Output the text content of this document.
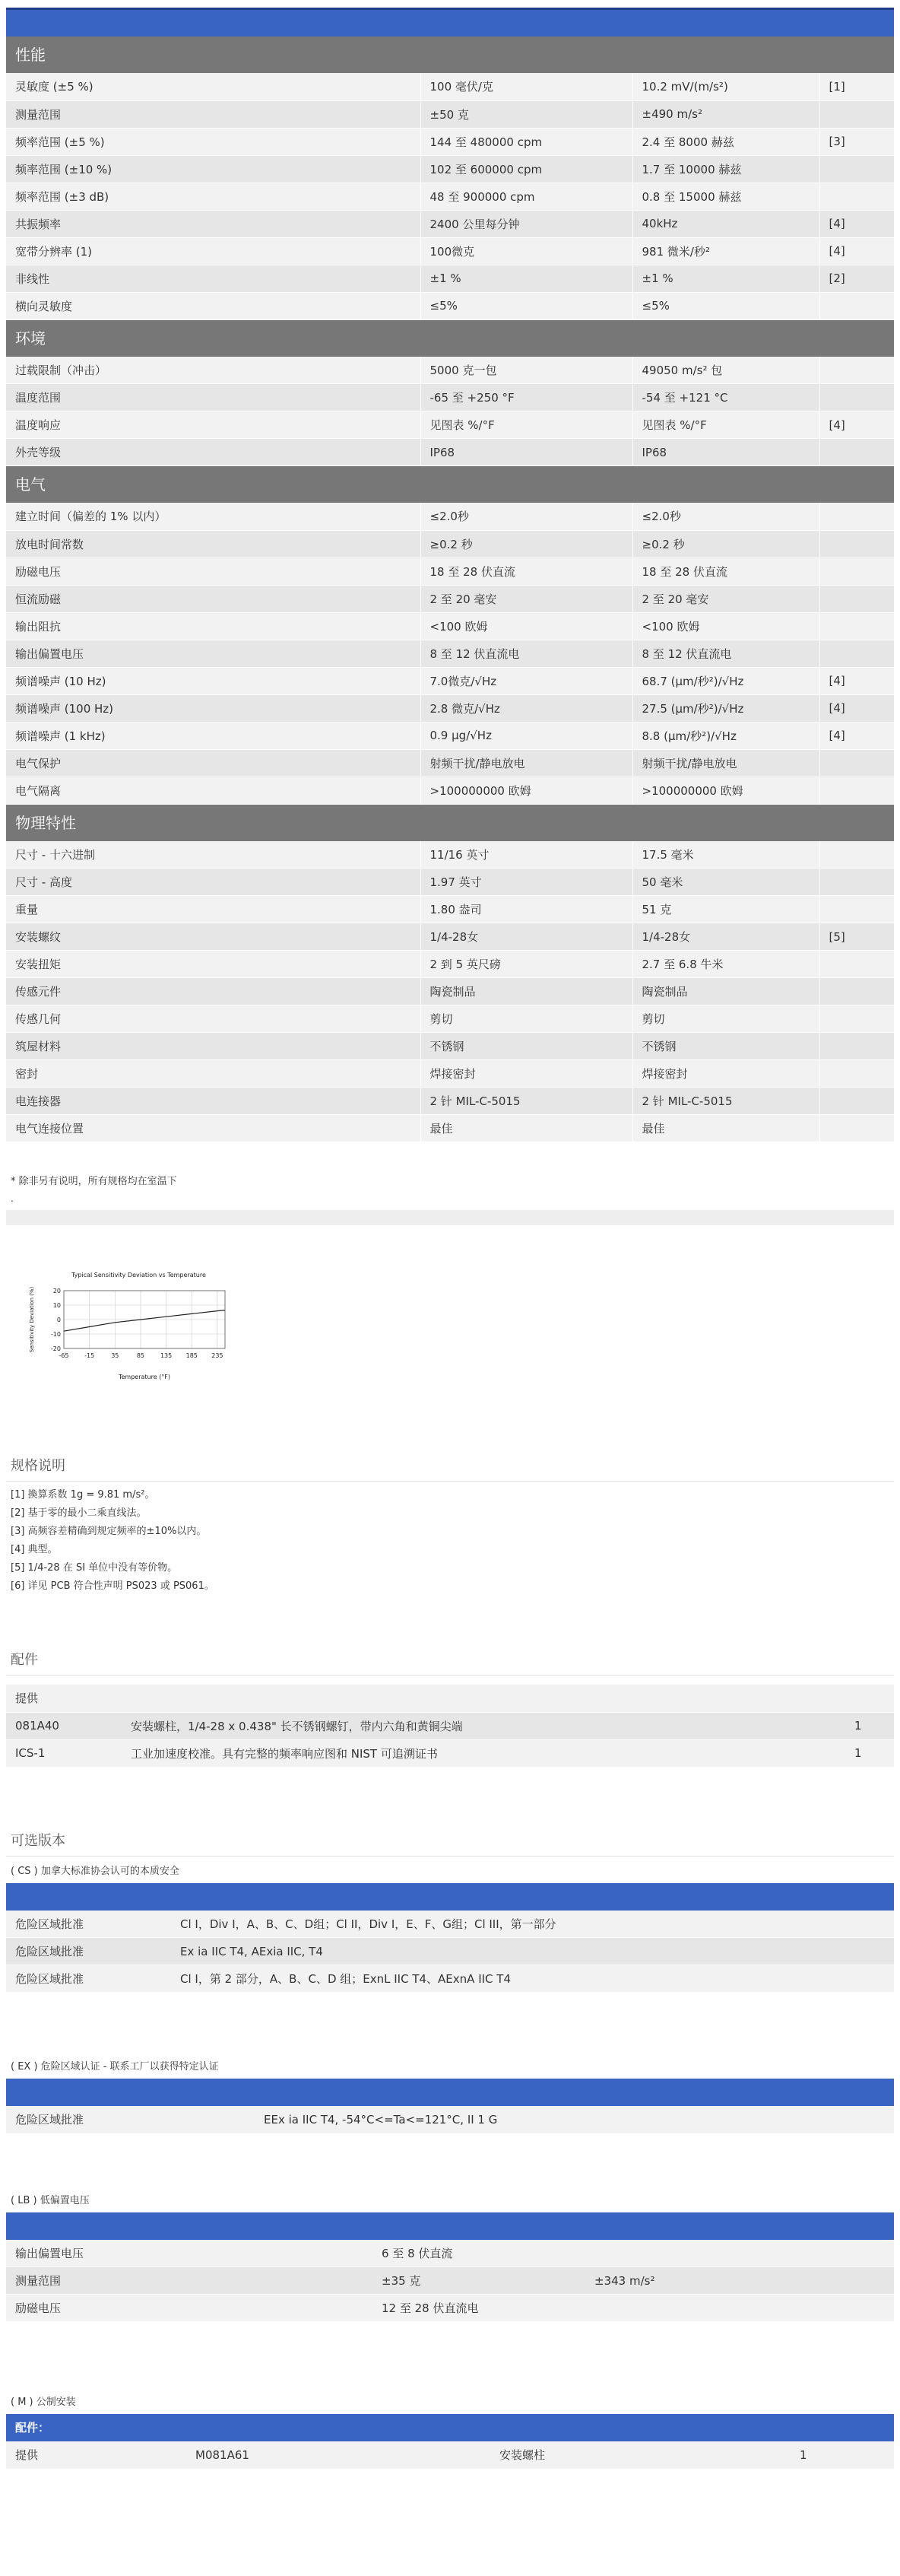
性能
灵敏度 (±5 %)	100 毫伏/克	10.2 mV/(m/s²)	[1]
测量范围	±50 克	±490 m/s²	
频率范围 (±5 %)	144 至 480000 cpm	2.4 至 8000 赫兹	[3]
频率范围 (±10 %)	102 至 600000 cpm	1.7 至 10000 赫兹	
频率范围 (±3 dB)	48 至 900000 cpm	0.8 至 15000 赫兹	
共振频率	2400 公里每分钟	40kHz	[4]
宽带分辨率 (1)	100微克	981 微米/秒²	[4]
非线性	±1 %	±1 %	[2]
横向灵敏度	≤5%	≤5%	
环境
过载限制（冲击）	5000 克一包	49050 m/s² 包	
温度范围	-65 至 +250 °F	-54 至 +121 °C	
温度响应	见图表 %/°F	见图表 %/°F	[4]
外壳等级	IP68	IP68	
电气
建立时间（偏差的 1% 以内）	≤2.0秒	≤2.0秒	
放电时间常数	≥0.2 秒	≥0.2 秒	
励磁电压	18 至 28 伏直流	18 至 28 伏直流	
恒流励磁	2 至 20 毫安	2 至 20 毫安	
输出阻抗	<100 欧姆	<100 欧姆	
输出偏置电压	8 至 12 伏直流电	8 至 12 伏直流电	
频谱噪声 (10 Hz)	7.0微克/√Hz	68.7 (μm/秒²)/√Hz	[4]
频谱噪声 (100 Hz)	2.8 微克/√Hz	27.5 (μm/秒²)/√Hz	[4]
频谱噪声 (1 kHz)	0.9 μg/√Hz	8.8 (μm/秒²)/√Hz	[4]
电气保护	射频干扰/静电放电	射频干扰/静电放电	
电气隔离	>100000000 欧姆	>100000000 欧姆	
物理特性
尺寸 - 十六进制	11/16 英寸	17.5 毫米	
尺寸 - 高度	1.97 英寸	50 毫米	
重量	1.80 盎司	51 克	
安装螺纹	1/4-28女	1/4-28女	[5]
安装扭矩	2 到 5 英尺磅	2.7 至 6.8 牛米	
传感元件	陶瓷制品	陶瓷制品	
传感几何	剪切	剪切	
筑屋材料	不锈钢	不锈钢	
密封	焊接密封	焊接密封	
电连接器	2 针 MIL-C-5015	2 针 MIL-C-5015	
电气连接位置	最佳	最佳	
* 除非另有说明，所有规格均在室温下
.
Typical Sensitivity Deviation vs Temperature
Temperature (°F)
Sensitivity Deviation (%)	20
10
0
-10
-20
-65	-15	35	85	135 185 235
规格说明
[1] 換算系数 1g = 9.81 m/s²。
[2] 基于零的最小二乘直线法。
[3] 高频容差精确到规定频率的±10%以内。
[4] 典型。
[5] 1/4-28 在 SI 单位中没有等价物。
[6] 详见 PCB 符合性声明 PS023 或 PS061。
配件
提供		
081A40	安装螺柱，1/4-28 x 0.438" 长不锈钢螺钉，带内六角和黄铜尖端	1
ICS-1	工业加速度校准。具有完整的频率响应图和 NIST 可追溯证书	1
可选版本
( CS ) 加拿大标准协会认可的本质安全
危险区域批准	Cl I，Div I，A、B、C、D组；Cl II，Div I，E、F、G组；Cl III，第一部分
危险区域批准	Ex ia IIC T4, AExia IIC, T4
危险区域批准	Cl I，第 2 部分，A、B、C、D 组；ExnL IIC T4、AExnA IIC T4
( EX ) 危险区域认证 - 联系工厂以获得特定认证
危险区域批准	EEx ia IIC T4, -54°C<=Ta<=121°C, II 1 G
( LB ) 低偏置电压
输出偏置电压	6 至 8 伏直流	
测量范围	±35 克	±343 m/s²
励磁电压	12 至 28 伏直流电	
( M ) 公制安装
配件：
提供	M081A61	安装螺柱	1
